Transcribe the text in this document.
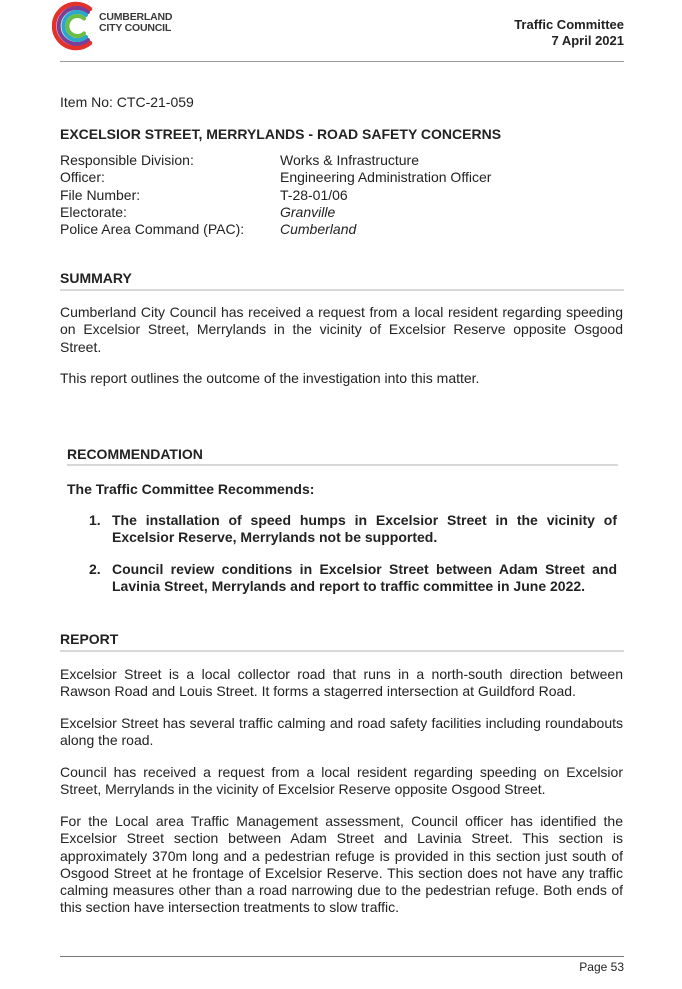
CUMBERLAND
CITY COUNCIL	Traffic Committee
7 April 2021
Item No: CTC-21-059
EXCELSIOR STREET, MERRYLANDS - ROAD SAFETY CONCERNS
Responsible Division:	Works & Infrastructure
Officer:	Engineering Administration Officer
File Number:	T-28-01/06
Electorate:	Granville
Police Area Command (PAC):	Cumberland
SUMMARY

Cumberland City Council has received a request from a local resident regarding speeding on Excelsior Street, Merrylands in the vicinity of Excelsior Reserve opposite Osgood Street.

This report outlines the outcome of the investigation into this matter.

RECOMMENDATION
The Traffic Committee Recommends:
1. The installation of speed humps in Excelsior Street in the vicinity of Excelsior Reserve, Merrylands not be supported.
2. Council review conditions in Excelsior Street between Adam Street and Lavinia Street, Merrylands and report to traffic committee in June 2022.
REPORT

Excelsior Street is a local collector road that runs in a north-south direction between Rawson Road and Louis Street. It forms a stagerred intersection at Guildford Road.

Excelsior Street has several traffic calming and road safety facilities including roundabouts along the road.

Council has received a request from a local resident regarding speeding on Excelsior Street, Merrylands in the vicinity of Excelsior Reserve opposite Osgood Street.

For the Local area Traffic Management assessment, Council officer has identified the Excelsior Street section between Adam Street and Lavinia Street. This section is approximately 370m long and a pedestrian refuge is provided in this section just south of Osgood Street at he frontage of Excelsior Reserve. This section does not have any traffic calming measures other than a road narrowing due to the pedestrian refuge. Both ends of this section have intersection treatments to slow traffic.

Page 53
